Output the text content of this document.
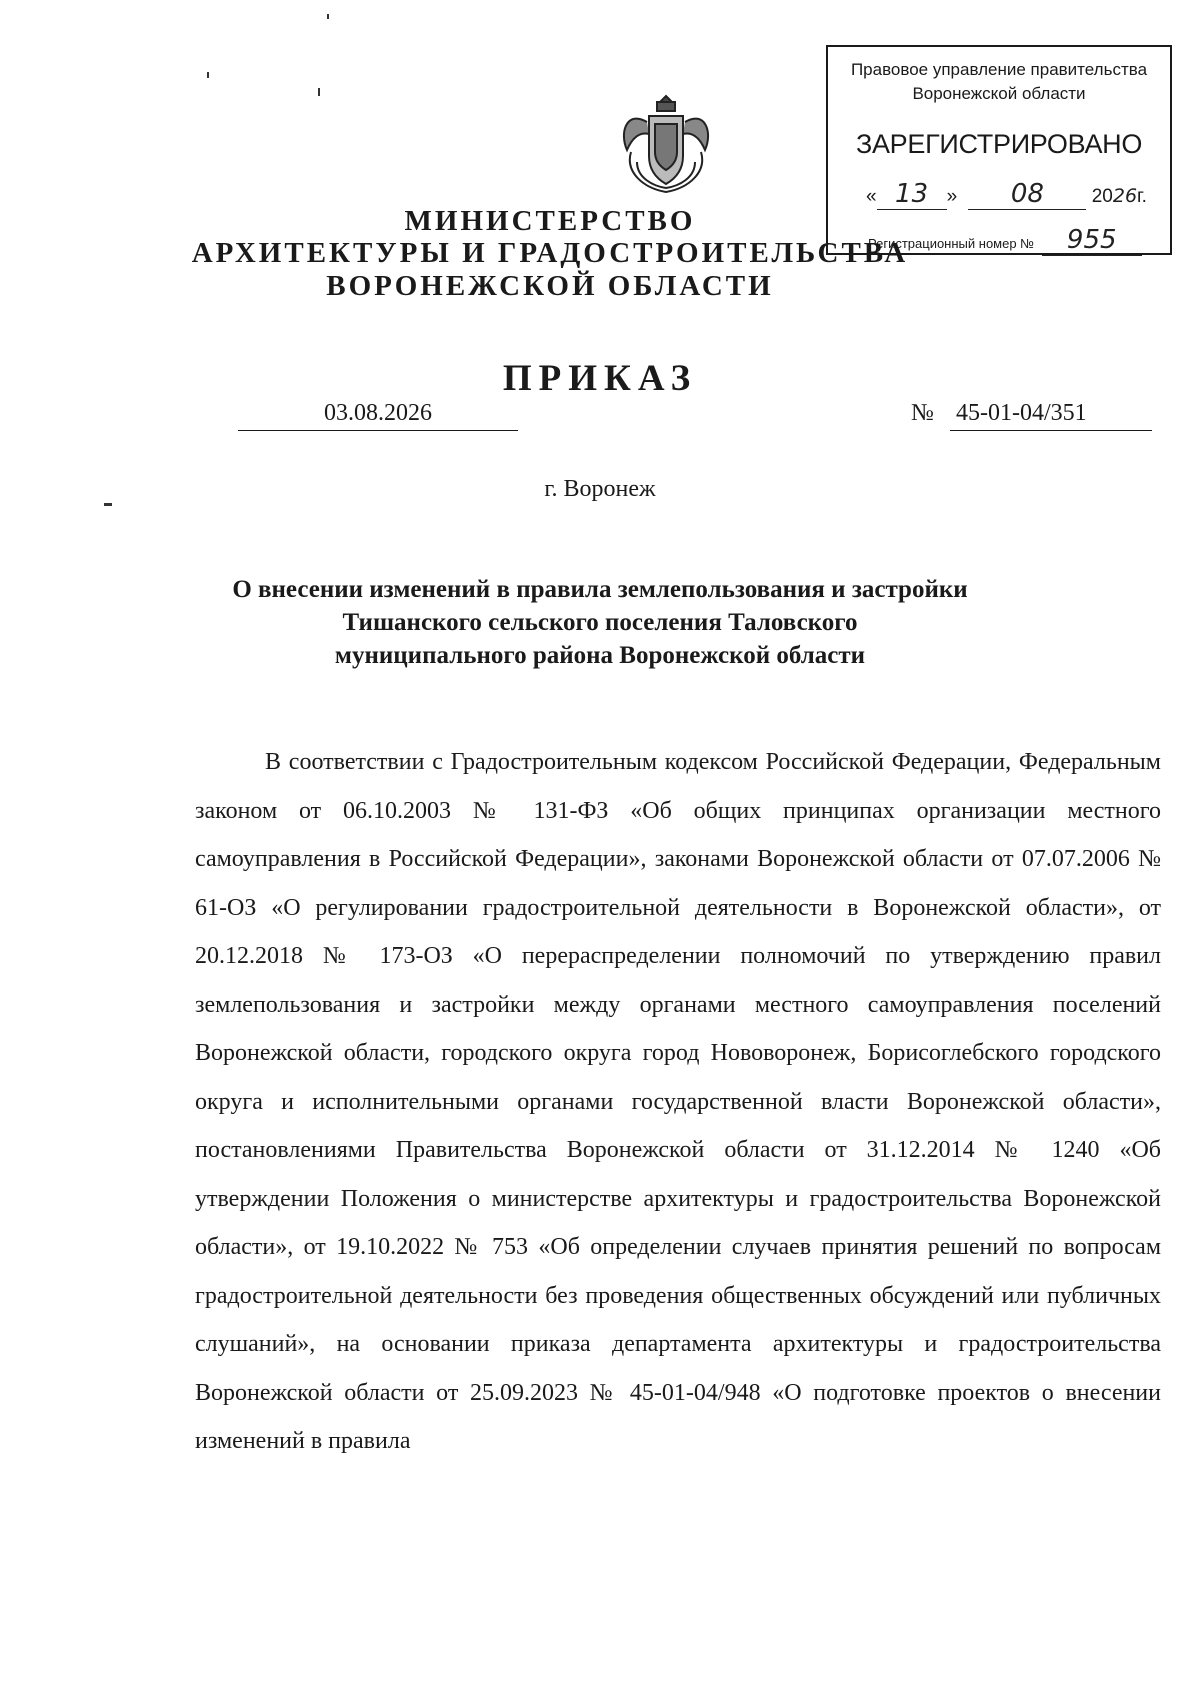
Правовое управление правительства
Воронежской области
ЗАРЕГИСТРИРОВАНО
« 13 » 08	2026г.
Регистрационный номер № 955
МИНИСТЕРСТВО
АРХИТЕКТУРЫ И ГРАДОСТРОИТЕЛЬСТВА
ВОРОНЕЖСКОЙ ОБЛАСТИ
ПРИКАЗ
03.08.2026	№ 45-01-04/351
г. Воронеж
О внесении изменений в правила землепользования и застройки
Тишанского сельского поселения Таловского
муниципального района Воронежской области

В соответствии с Градостроительным кодексом Российской Федерации, Федеральным законом от 06.10.2003 № 131-ФЗ «Об общих принципах организации местного самоуправления в Российской Федерации», законами Воронежской области от 07.07.2006 № 61-ОЗ «О регулировании градостроительной деятельности в Воронежской области», от 20.12.2018 № 173-ОЗ «О перераспределении полномочий по утверждению правил землепользования и застройки между органами местного самоуправления поселений Воронежской области, городского округа город Нововоронеж, Борисоглебского городского округа и исполнительными органами государственной власти Воронежской области», постановлениями Правительства Воронежской области от 31.12.2014 № 1240 «Об утверждении Положения о министерстве архитектуры и градостроительства Воронежской области», от 19.10.2022 № 753 «Об определении случаев принятия решений по вопросам градостроительной деятельности без проведения общественных обсуждений или публичных слушаний», на основании приказа департамента архитектуры и градостроительства Воронежской области от 25.09.2023 № 45-01-04/948 «О подготовке проектов о внесении изменений в правила
